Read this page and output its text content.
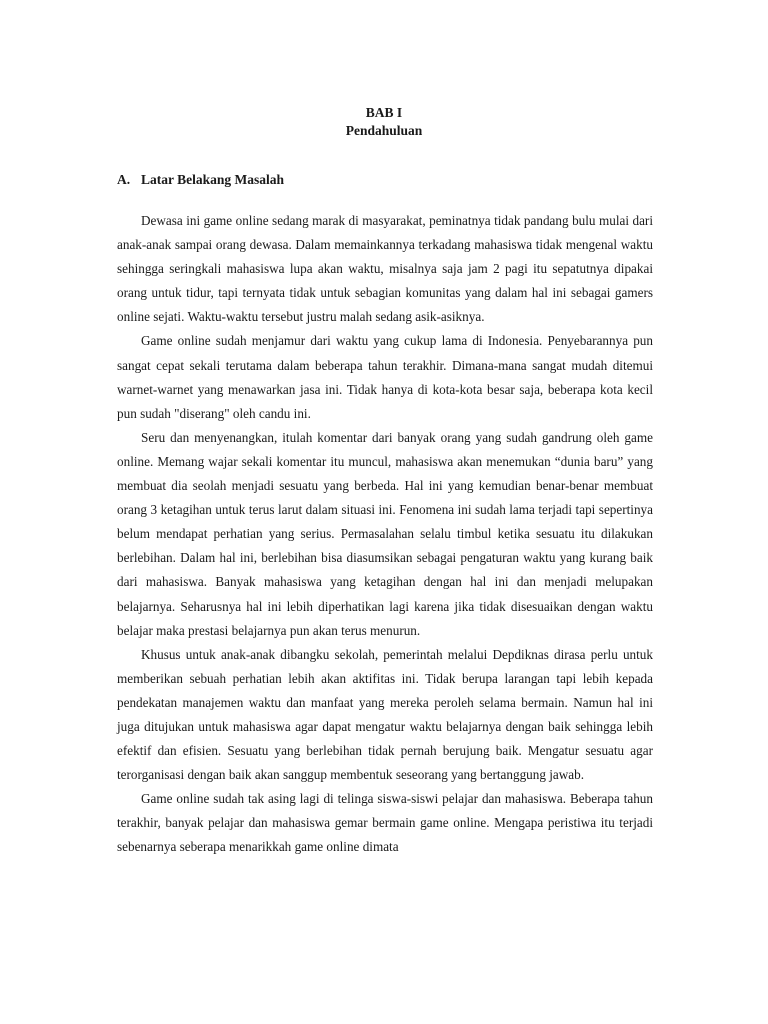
BAB I
Pendahuluan
A. Latar Belakang Masalah

Dewasa ini game online sedang marak di masyarakat, peminatnya tidak pandang bulu mulai dari anak-anak sampai orang dewasa. Dalam memainkannya terkadang mahasiswa tidak mengenal waktu sehingga seringkali mahasiswa lupa akan waktu, misalnya saja jam 2 pagi itu sepatutnya dipakai orang untuk tidur, tapi ternyata tidak untuk sebagian komunitas yang dalam hal ini sebagai gamers online sejati. Waktu-waktu tersebut justru malah sedang asik-asiknya.

Game online sudah menjamur dari waktu yang cukup lama di Indonesia. Penyebarannya pun sangat cepat sekali terutama dalam beberapa tahun terakhir. Dimana-mana sangat mudah ditemui warnet-warnet yang menawarkan jasa ini. Tidak hanya di kota-kota besar saja, beberapa kota kecil pun sudah "diserang" oleh candu ini.

Seru dan menyenangkan, itulah komentar dari banyak orang yang sudah gandrung oleh game online. Memang wajar sekali komentar itu muncul, mahasiswa akan menemukan “dunia baru” yang membuat dia seolah menjadi sesuatu yang berbeda. Hal ini yang kemudian benar-benar membuat orang 3 ketagihan untuk terus larut dalam situasi ini. Fenomena ini sudah lama terjadi tapi sepertinya belum mendapat perhatian yang serius. Permasalahan selalu timbul ketika sesuatu itu dilakukan berlebihan. Dalam hal ini, berlebihan bisa diasumsikan sebagai pengaturan waktu yang kurang baik dari mahasiswa. Banyak mahasiswa yang ketagihan dengan hal ini dan menjadi melupakan belajarnya. Seharusnya hal ini lebih diperhatikan lagi karena jika tidak disesuaikan dengan waktu belajar maka prestasi belajarnya pun akan terus menurun.

Khusus untuk anak-anak dibangku sekolah, pemerintah melalui Depdiknas dirasa perlu untuk memberikan sebuah perhatian lebih akan aktifitas ini. Tidak berupa larangan tapi lebih kepada pendekatan manajemen waktu dan manfaat yang mereka peroleh selama bermain. Namun hal ini juga ditujukan untuk mahasiswa agar dapat mengatur waktu belajarnya dengan baik sehingga lebih efektif dan efisien. Sesuatu yang berlebihan tidak pernah berujung baik. Mengatur sesuatu agar terorganisasi dengan baik akan sanggup membentuk seseorang yang bertanggung jawab.

Game online sudah tak asing lagi di telinga siswa-siswi pelajar dan mahasiswa. Beberapa tahun terakhir, banyak pelajar dan mahasiswa gemar bermain game online. Mengapa peristiwa itu terjadi sebenarnya seberapa menarikkah game online dimata
